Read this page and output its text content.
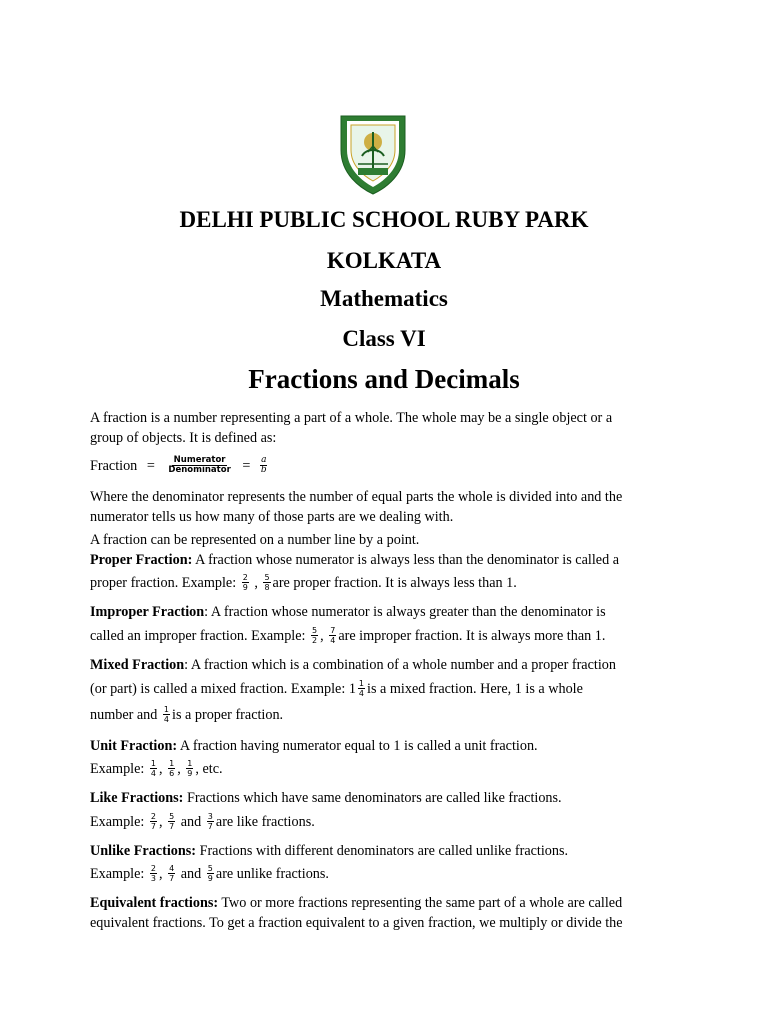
DELHI PUBLIC SCHOOL RUBY PARK
KOLKATA
Mathematics
Class VI
Fractions and Decimals
A fraction is a number representing a part of a whole. The whole may be a single object or a
group of objects. It is defined as:
Fraction = $\frac{\text{Numerator}}{\text{Denominator}} = \frac{a}{b}$
Where the denominator represents the number of equal parts the whole is divided into and the
numerator tells us how many of those parts are we dealing with.
A fraction can be represented on a number line by a point.
Proper Fraction: A fraction whose numerator is always less than the denominator is called a
proper fraction. Example: $\frac{2}{9}$ , $\frac{5}{8}$ are proper fraction. It is always less than 1.
Improper Fraction: A fraction whose numerator is always greater than the denominator is
called an improper fraction. Example: $\frac{5}{2}$ , $\frac{7}{4}$ are improper fraction. It is always more than 1.
Mixed Fraction: A fraction which is a combination of a whole number and a proper fraction
(or part) is called a mixed fraction. Example: $1 \frac{1}{4}$ is a mixed fraction. Here, 1 is a whole
number and $\frac{1}{4}$ is a proper fraction.
Unit Fraction: A fraction having numerator equal to 1 is called a unit fraction.
Example: $\frac{1}{4}$ , $\frac{1}{6}$ , $\frac{1}{9}$ , etc.
Like Fractions: Fractions which have same denominators are called like fractions.
Example: $\frac{2}{7}$ , $\frac{5}{7}$ and $\frac{3}{7}$ are like fractions.
Unlike Fractions: Fractions with different denominators are called unlike fractions.
Example: $\frac{2}{3}$ , $\frac{4}{7}$ and $\frac{5}{9}$ are unlike fractions.
Equivalent fractions: Two or more fractions representing the same part of a whole are called
equivalent fractions. To get a fraction equivalent to a given fraction, we multiply or divide the
